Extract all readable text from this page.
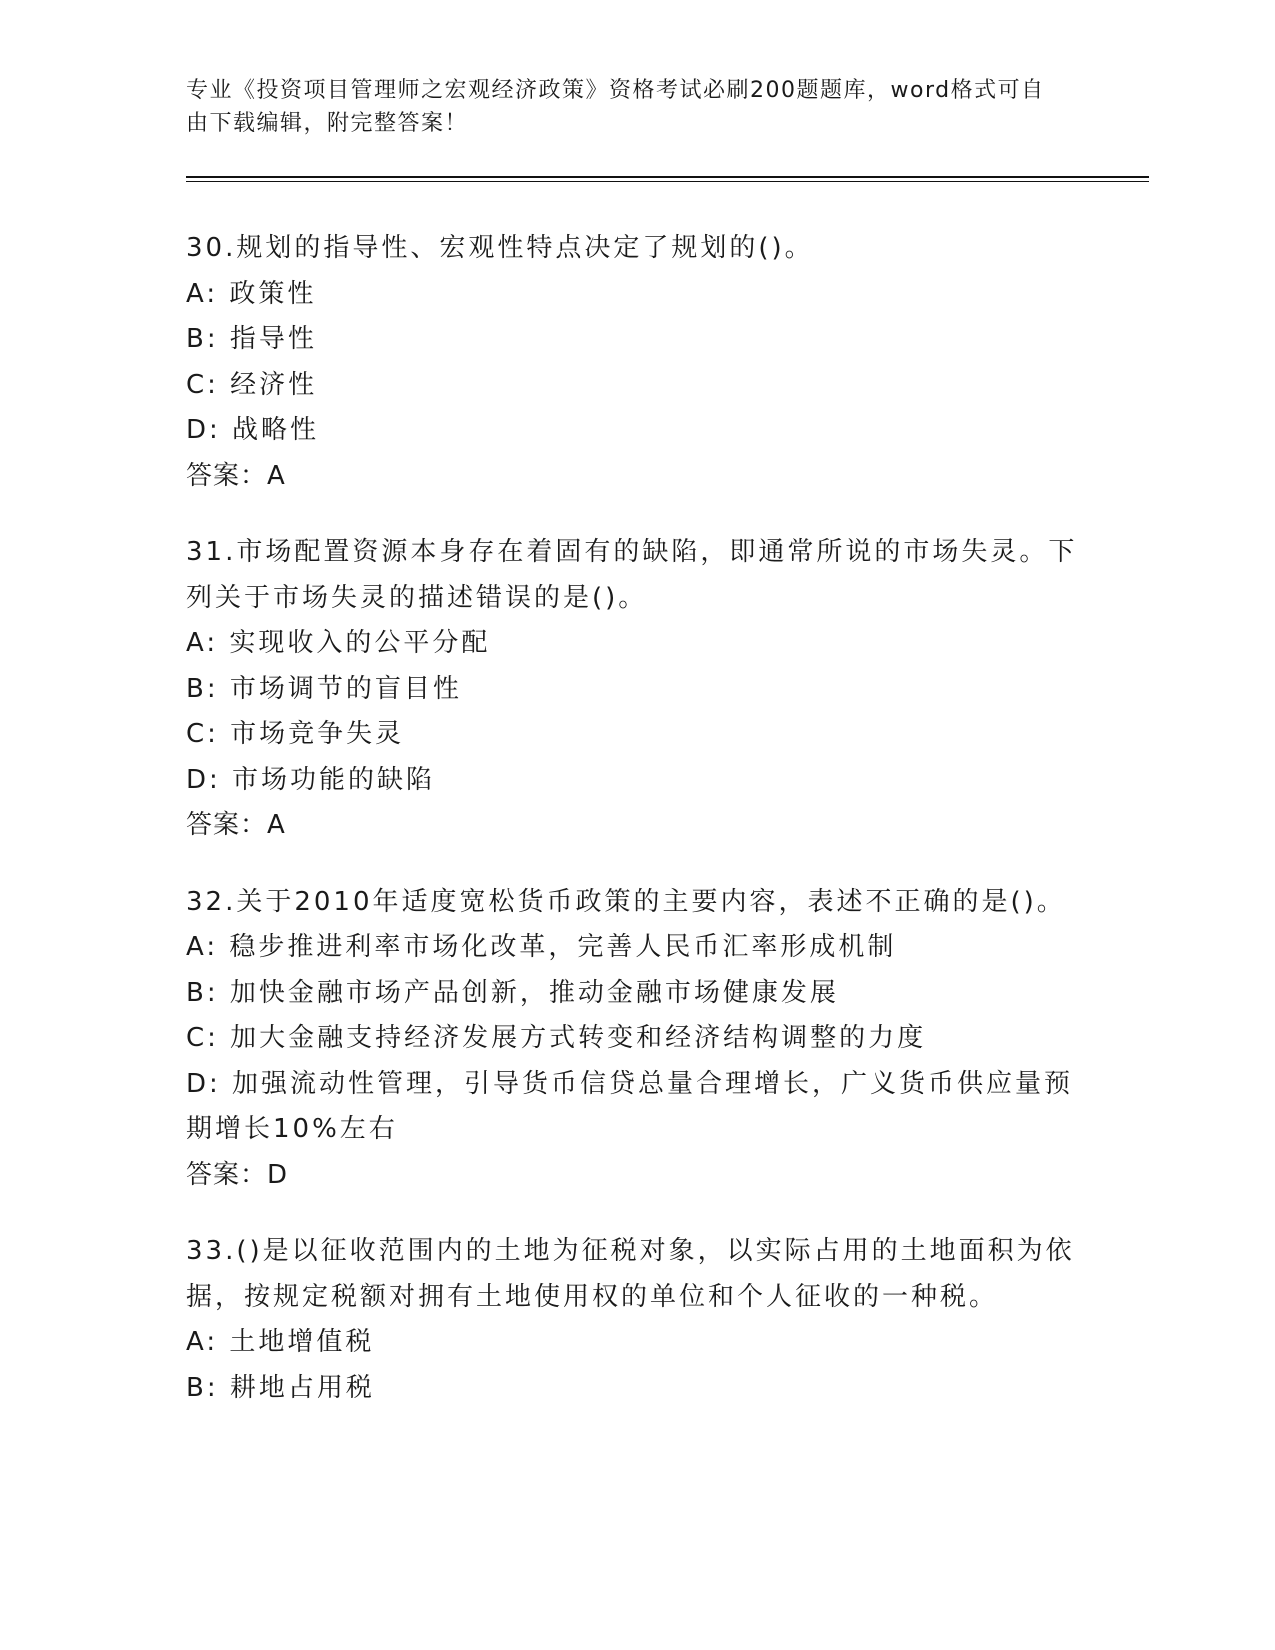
专业《投资项目管理师之宏观经济政策》资格考试必刷200题题库，word格式可自由下载编辑，附完整答案！

30.规划的指导性、宏观性特点决定了规划的()。

A: 政策性

B: 指导性

C: 经济性

D: 战略性

答案：A

31.市场配置资源本身存在着固有的缺陷，即通常所说的市场失灵。下列关于市场失灵的描述错误的是()。

A: 实现收入的公平分配

B: 市场调节的盲目性

C: 市场竞争失灵

D: 市场功能的缺陷

答案：A

32.关于2010年适度宽松货币政策的主要内容，表述不正确的是()。

A: 稳步推进利率市场化改革，完善人民币汇率形成机制

B: 加快金融市场产品创新，推动金融市场健康发展

C: 加大金融支持经济发展方式转变和经济结构调整的力度

D: 加强流动性管理，引导货币信贷总量合理增长，广义货币供应量预期增长10%左右

答案：D

33.()是以征收范围内的土地为征税对象，以实际占用的土地面积为依据，按规定税额对拥有土地使用权的单位和个人征收的一种税。

A: 土地增值税

B: 耕地占用税
